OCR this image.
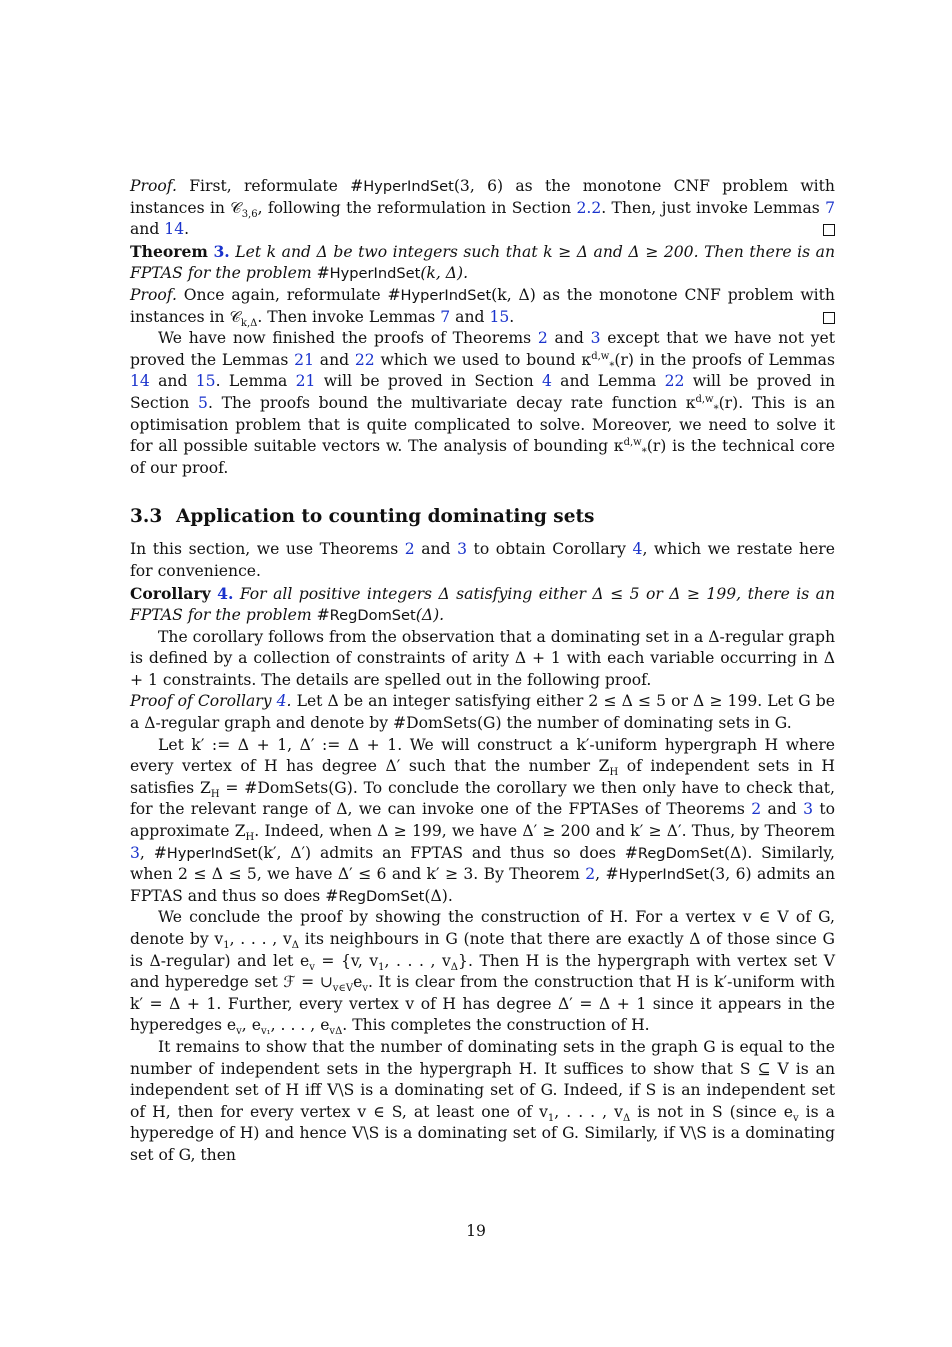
Proof. First, reformulate #HyperIndSet(3, 6) as the monotone CNF problem with instances in 𝒞$_{3,6}$, following the reformulation in Section 2.2. Then, just invoke Lemmas 7 and 14.

Theorem 3. Let k and Δ be two integers such that k ≥ Δ and Δ ≥ 200. Then there is an FPTAS for the problem #HyperIndSet(k, Δ).

Proof. Once again, reformulate #HyperIndSet(k, Δ) as the monotone CNF problem with instances in 𝒞$_{k,\Delta}$. Then invoke Lemmas 7 and 15.

We have now finished the proofs of Theorems 2 and 3 except that we have not yet proved the Lemmas 21 and 22 which we used to bound $\kappa^{d,w}_*(r)$ in the proofs of Lemmas 14 and 15. Lemma 21 will be proved in Section 4 and Lemma 22 will be proved in Section 5. The proofs bound the multivariate decay rate function $\kappa^{d,w}_*(r)$. This is an optimisation problem that is quite complicated to solve. Moreover, we need to solve it for all possible suitable vectors w. The analysis of bounding $\kappa^{d,w}_*(r)$ is the technical core of our proof.

3.3 Application to counting dominating sets

In this section, we use Theorems 2 and 3 to obtain Corollary 4, which we restate here for convenience.

Corollary 4. For all positive integers Δ satisfying either Δ ≤ 5 or Δ ≥ 199, there is an FPTAS for the problem #RegDomSet(Δ).

The corollary follows from the observation that a dominating set in a Δ-regular graph is defined by a collection of constraints of arity Δ + 1 with each variable occurring in Δ + 1 constraints. The details are spelled out in the following proof.

Proof of Corollary 4. Let Δ be an integer satisfying either 2 ≤ Δ ≤ 5 or Δ ≥ 199. Let G be a Δ-regular graph and denote by #DomSets(G) the number of dominating sets in G.

Let k′ := Δ + 1, Δ′ := Δ + 1. We will construct a k′-uniform hypergraph H where every vertex of H has degree Δ′ such that the number $Z_H$ of independent sets in H satisfies $Z_H$ = #DomSets(G). To conclude the corollary we then only have to check that, for the relevant range of Δ, we can invoke one of the FPTASes of Theorems 2 and 3 to approximate $Z_H$. Indeed, when Δ ≥ 199, we have Δ′ ≥ 200 and k′ ≥ Δ′. Thus, by Theorem 3, #HyperIndSet(k′, Δ′) admits an FPTAS and thus so does #RegDomSet(Δ). Similarly, when 2 ≤ Δ ≤ 5, we have Δ′ ≤ 6 and k′ ≥ 3. By Theorem 2, #HyperIndSet(3, 6) admits an FPTAS and thus so does #RegDomSet(Δ).

We conclude the proof by showing the construction of H. For a vertex v ∈ V of G, denote by $v_1$, . . . , $v_\Delta$ its neighbours in G (note that there are exactly Δ of those since G is Δ-regular) and let $e_v = \{v$, $v_1$, . . . , $v_\Delta$}. Then H is the hypergraph with vertex set V and hyperedge set ℱ = $\cup_{v\in V}e_v$. It is clear from the construction that H is k′-uniform with k′ = Δ + 1. Further, every vertex v of H has degree Δ′ = Δ + 1 since it appears in the hyperedges $e_v$, $e_{v_1}$, . . . , $e_{v\Delta}$. This completes the construction of H.

It remains to show that the number of dominating sets in the graph G is equal to the number of independent sets in the hypergraph H. It suffices to show that S ⊆ V is an independent set of H iff V\S is a dominating set of G. Indeed, if S is an independent set of H, then for every vertex v ∈ S, at least one of $v_1$, . . . , $v_\Delta$ is not in S (since $e_v$ is a hyperedge of H) and hence V\S is a dominating set of G. Similarly, if V\S is a dominating set of G, then

19
